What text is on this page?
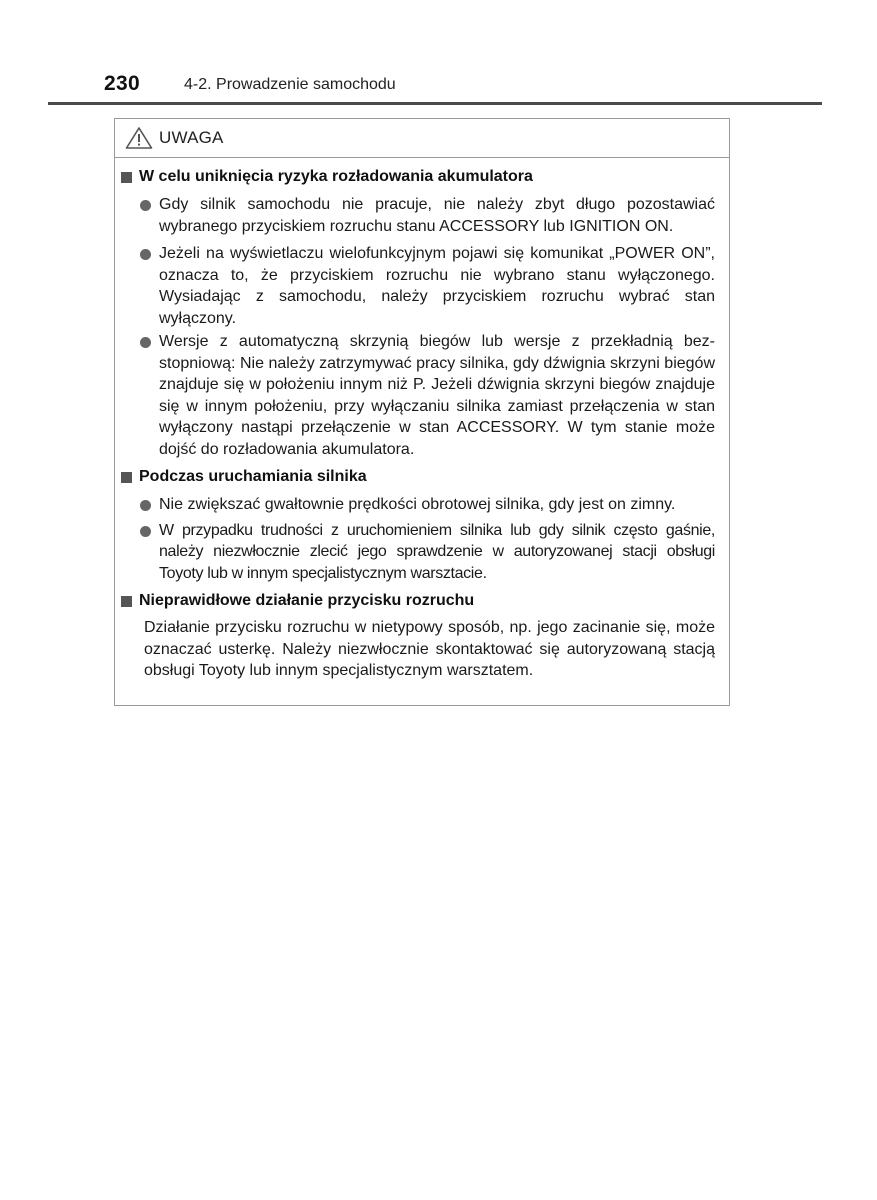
230	4-2. Prowadzenie samochodu
UWAGA
W celu uniknięcia ryzyka rozładowania akumulatora
Gdy silnik samochodu nie pracuje, nie należy zbyt długo pozostawiać wybranego przyciskiem rozruchu stanu ACCESSORY lub IGNITION ON.
Jeżeli na wyświetlaczu wielofunkcyjnym pojawi się komunikat „POWER ON”, oznacza to, że przyciskiem rozruchu nie wybrano stanu wyłączonego. Wysiadając z samochodu, należy przyciskiem rozruchu wybrać stan wyłączony.
Wersje z automatyczną skrzynią biegów lub wersje z przekładnią bezstopniową: Nie należy zatrzymywać pracy silnika, gdy dźwignia skrzyni biegów znajduje się w położeniu innym niż P. Jeżeli dźwignia skrzyni biegów znajduje się w innym położeniu, przy wyłączaniu silnika zamiast przełączenia w stan wyłączony nastąpi przełączenie w stan ACCESSORY. W tym stanie może dojść do rozładowania akumulatora.
Podczas uruchamiania silnika
Nie zwiększać gwałtownie prędkości obrotowej silnika, gdy jest on zimny.
W przypadku trudności z uruchomieniem silnika lub gdy silnik często gaśnie, należy niezwłocznie zlecić jego sprawdzenie w autoryzowanej stacji obsługi Toyoty lub w innym specjalistycznym warsztacie.
Nieprawidłowe działanie przycisku rozruchu
Działanie przycisku rozruchu w nietypowy sposób, np. jego zacinanie się, może oznaczać usterkę. Należy niezwłocznie skontaktować się autoryzowaną stacją obsługi Toyoty lub innym specjalistycznym warsztatem.
